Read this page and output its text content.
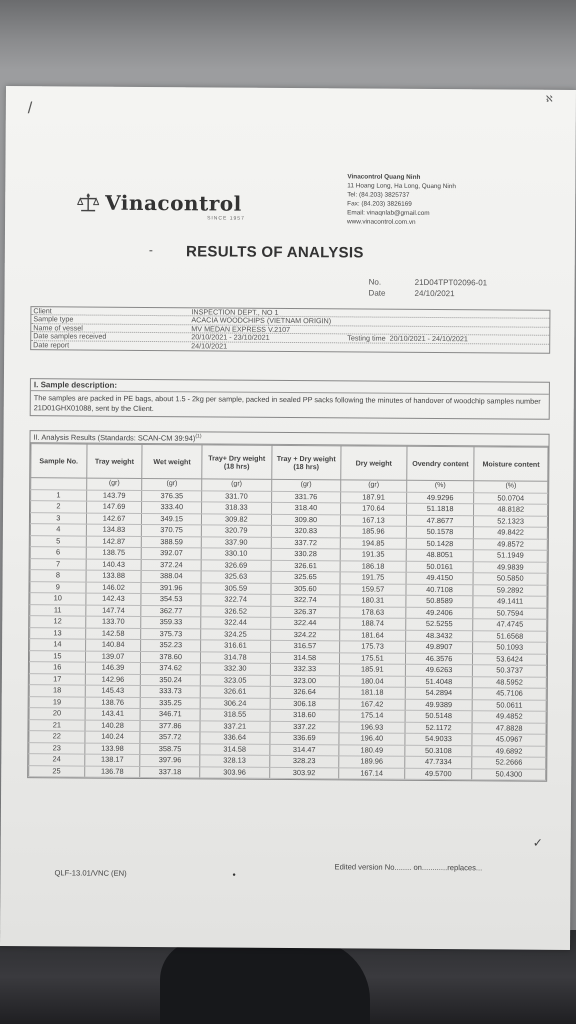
/
ℵ
Vinacontrol
SINCE 1957
Vinacontrol Quang Ninh
11 Hoang Long, Ha Long, Quang Ninh
Tel: (84.203) 3825737
Fax: (84.203) 3826169
Email: vinaqnlab@gmail.com
www.vinacontrol.com.vn
-	RESULTS OF ANALYSIS
No.	21D04TPT02096-01
Date	24/10/2021
Client	INSPECTION DEPT., NO 1
Sample type	ACACIA WOODCHIPS (VIETNAM ORIGIN)
Name of vessel	MV MEDAN EXPRESS V.2107
Date samples received	20/10/2021 - 23/10/2021	Testing time 20/10/2021 - 24/10/2021
Date report	24/10/2021
I. Sample description:
The samples are packed in PE bags, about 1.5 - 2kg per sample, packed in sealed PP sacks following the minutes of handover of woodchip samples number 21D01GHX01088, sent by the Client.
II. Analysis Results (Standards: SCAN-CM 39:94)$^{(1)}$
Sample No.	Tray weight	Wet weight	Tray+ Dry weight (18 hrs)	Tray + Dry weight (18 hrs)	Dry weight	Ovendry content	Moisture content
	(gr)	(gr)	(gr)	(gr)	(gr)	(%)	(%)
1	143.79	376.35	331.70	331.76	187.91	49.9296	50.0704
2	147.69	333.40	318.33	318.40	170.64	51.1818	48.8182
3	142.67	349.15	309.82	309.80	167.13	47.8677	52.1323
4	134.83	370.75	320.79	320.83	185.96	50.1578	49.8422
5	142.87	388.59	337.90	337.72	194.85	50.1428	49.8572
6	138.75	392.07	330.10	330.28	191.35	48.8051	51.1949
7	140.43	372.24	326.69	326.61	186.18	50.0161	49.9839
8	133.88	388.04	325.63	325.65	191.75	49.4150	50.5850
9	146.02	391.96	305.59	305.60	159.57	40.7108	59.2892
10	142.43	354.53	322.74	322.74	180.31	50.8589	49.1411
11	147.74	362.77	326.52	326.37	178.63	49.2406	50.7594
12	133.70	359.33	322.44	322.44	188.74	52.5255	47.4745
13	142.58	375.73	324.25	324.22	181.64	48.3432	51.6568
14	140.84	352.23	316.61	316.57	175.73	49.8907	50.1093
15	139.07	378.60	314.78	314.58	175.51	46.3576	53.6424
16	146.39	374.62	332.30	332.33	185.91	49.6263	50.3737
17	142.96	350.24	323.05	323.00	180.04	51.4048	48.5952
18	145.43	333.73	326.61	326.64	181.18	54.2894	45.7106
19	138.76	335.25	306.24	306.18	167.42	49.9389	50.0611
20	143.41	346.71	318.55	318.60	175.14	50.5148	49.4852
21	140.28	377.86	337.21	337.22	196.93	52.1172	47.8828
22	140.24	357.72	336.64	336.69	196.40	54.9033	45.0967
23	133.98	358.75	314.58	314.47	180.49	50.3108	49.6892
24	138.17	397.96	328.13	328.23	189.96	47.7334	52.2666
25	136.78	337.18	303.96	303.92	167.14	49.5700	50.4300
QLF-13.01/VNC (EN)	•
Edited version No........ on............replaces...
✓
